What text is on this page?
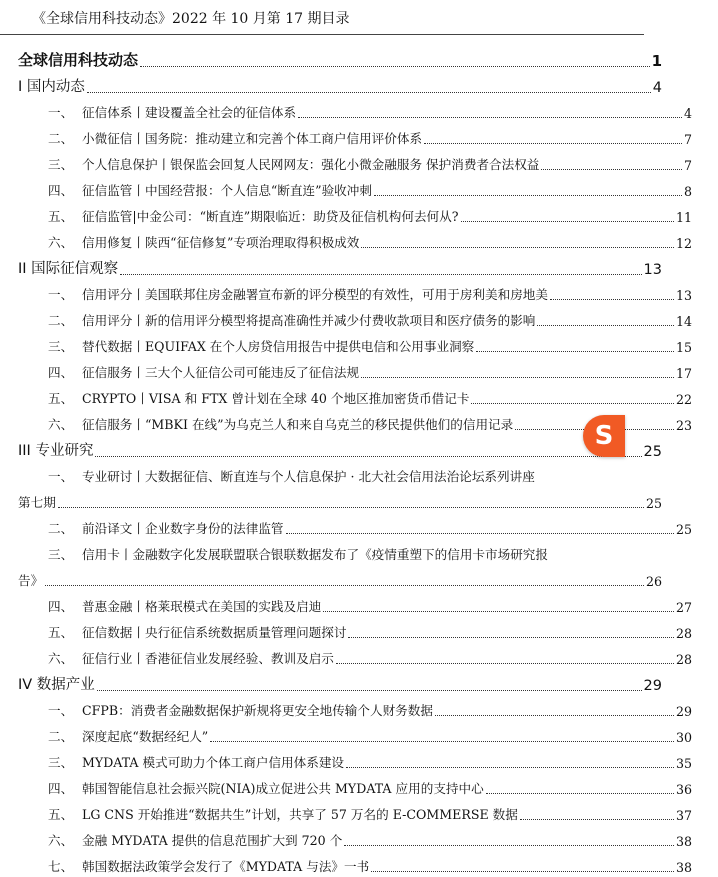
《全球信用科技动态》2022 年 10 月第 17 期目录
全球信用科技动态	1
I 国内动态	4
一、 征信体系丨建设覆盖全社会的征信体系	4
二、 小微征信丨国务院：推动建立和完善个体工商户信用评价体系	7
三、 个人信息保护丨银保监会回复人民网网友：强化小微金融服务 保护消费者合法权益	7
四、 征信监管丨中国经营报：个人信息“断直连”验收冲刺	8
五、 征信监管|中金公司：“断直连”期限临近：助贷及征信机构何去何从?	11
六、 信用修复丨陕西“征信修复”专项治理取得积极成效	12
II 国际征信观察	13
一、 信用评分丨美国联邦住房金融署宣布新的评分模型的有效性，可用于房利美和房地美	13
二、 信用评分丨新的信用评分模型将提高准确性并减少付费收款项目和医疗债务的影响	14
三、 替代数据丨EQUIFAX 在个人房贷信用报告中提供电信和公用事业洞察	15
四、 征信服务丨三大个人征信公司可能违反了征信法规	17
五、 CRYPTO丨VISA 和 FTX 曾计划在全球 40 个地区推加密货币借记卡	22
六、 征信服务丨“MBKI 在线”为乌克兰人和来自乌克兰的移民提供他们的信用记录	23
III 专业研究	25
一、 专业研讨丨大数据征信、断直连与个人信息保护 · 北大社会信用法治论坛系列讲座
第七期	25
二、 前沿译文丨企业数字身份的法律监管	25
三、 信用卡丨金融数字化发展联盟联合银联数据发布了《疫情重塑下的信用卡市场研究报
告》	26
四、 普惠金融丨格莱珉模式在美国的实践及启迪	27
五、 征信数据丨央行征信系统数据质量管理问题探讨	28
六、 征信行业丨香港征信业发展经验、教训及启示	28
IV 数据产业	29
一、 CFPB：消费者金融数据保护新规将更安全地传输个人财务数据	29
二、 深度起底“数据经纪人”	30
三、 MYDATA 模式可助力个体工商户信用体系建设	35
四、 韩国智能信息社会振兴院(NIA)成立促进公共 MYDATA 应用的支持中心	36
五、 LG CNS 开始推进“数据共生”计划，共享了 57 万名的 E-COMMERSE 数据	37
六、 金融 MYDATA 提供的信息范围扩大到 720 个	38
七、 韩国数据法政策学会发行了《MYDATA 与法》一书	38
S
